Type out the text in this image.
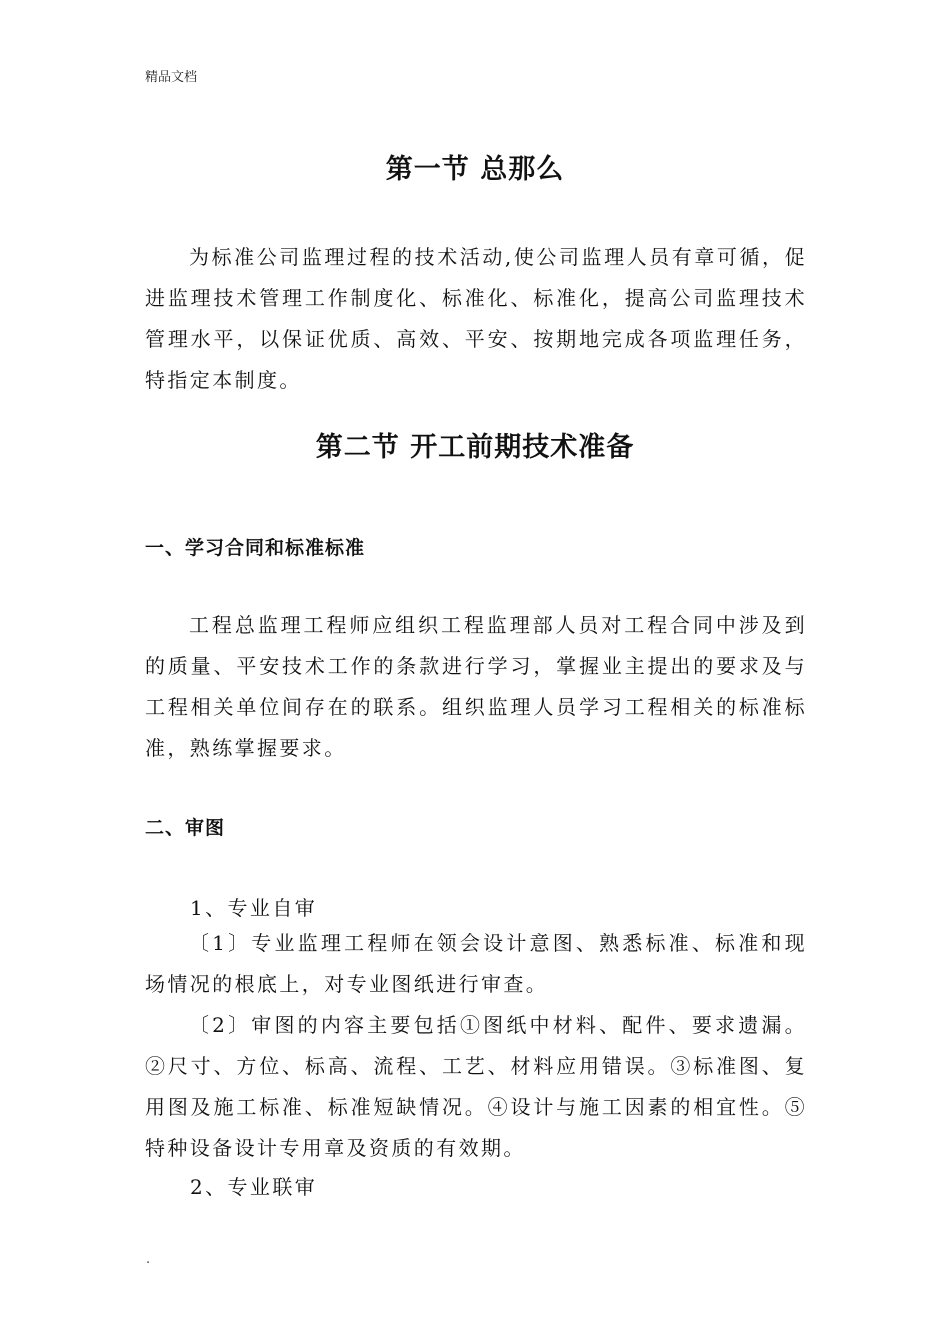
精品文档
第一节 总那么

为标准公司监理过程的技术活动,使公司监理人员有章可循，促进监理技术管理工作制度化、标准化、标准化，提高公司监理技术管理水平，以保证优质、高效、平安、按期地完成各项监理任务，特指定本制度。

第二节 开工前期技术准备
一、学习合同和标准标准

工程总监理工程师应组织工程监理部人员对工程合同中涉及到的质量、平安技术工作的条款进行学习，掌握业主提出的要求及与工程相关单位间存在的联系。组织监理人员学习工程相关的标准标准，熟练掌握要求。

二、审图
1、专业自审

〔1〕专业监理工程师在领会设计意图、熟悉标准、标准和现场情况的根底上，对专业图纸进行审查。

〔2〕审图的内容主要包括①图纸中材料、配件、要求遗漏。②尺寸、方位、标高、流程、工艺、材料应用错误。③标准图、复用图及施工标准、标准短缺情况。④设计与施工因素的相宜性。⑤特种设备设计专用章及资质的有效期。

2、专业联审
.
